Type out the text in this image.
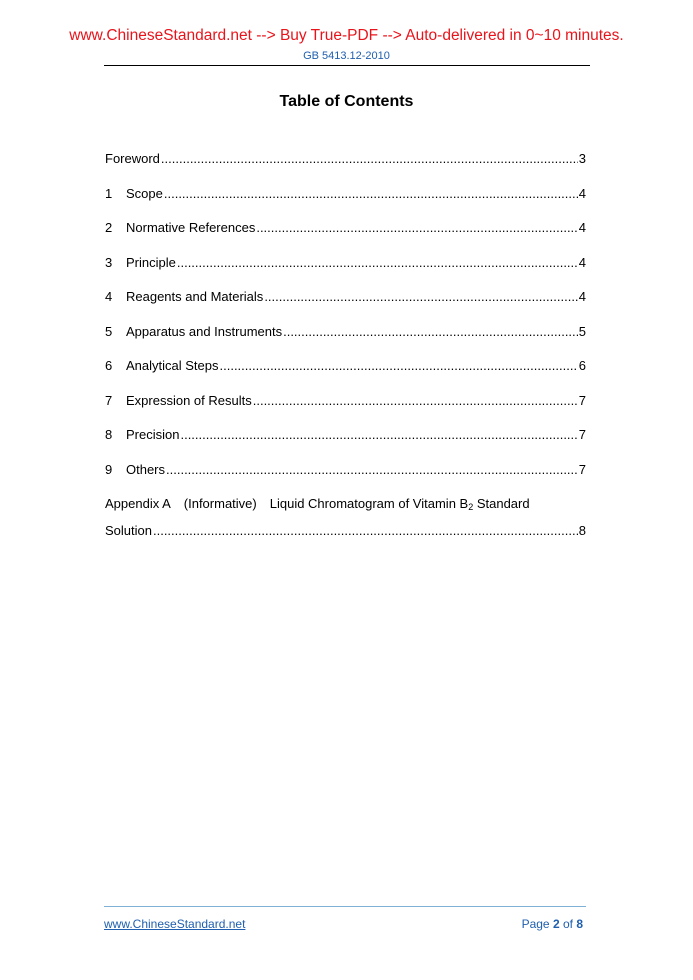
www.ChineseStandard.net --> Buy True-PDF --> Auto-delivered in 0~10 minutes.
GB 5413.12-2010
Table of Contents
Foreword .....	3
1	Scope .....	4
2	Normative References .....	4
3	Principle .....	4
4	Reagents and Materials .....	4
5	Apparatus and Instruments .....	5
6	Analytical Steps .....	6
7	Expression of Results .....	7
8	Precision .....	7
9	Others .....	7
Appendix A (Informative) Liquid Chromatogram of Vitamin $B_2$ Standard
Solution .....	8
www.ChineseStandard.net	Page 2 of 8
